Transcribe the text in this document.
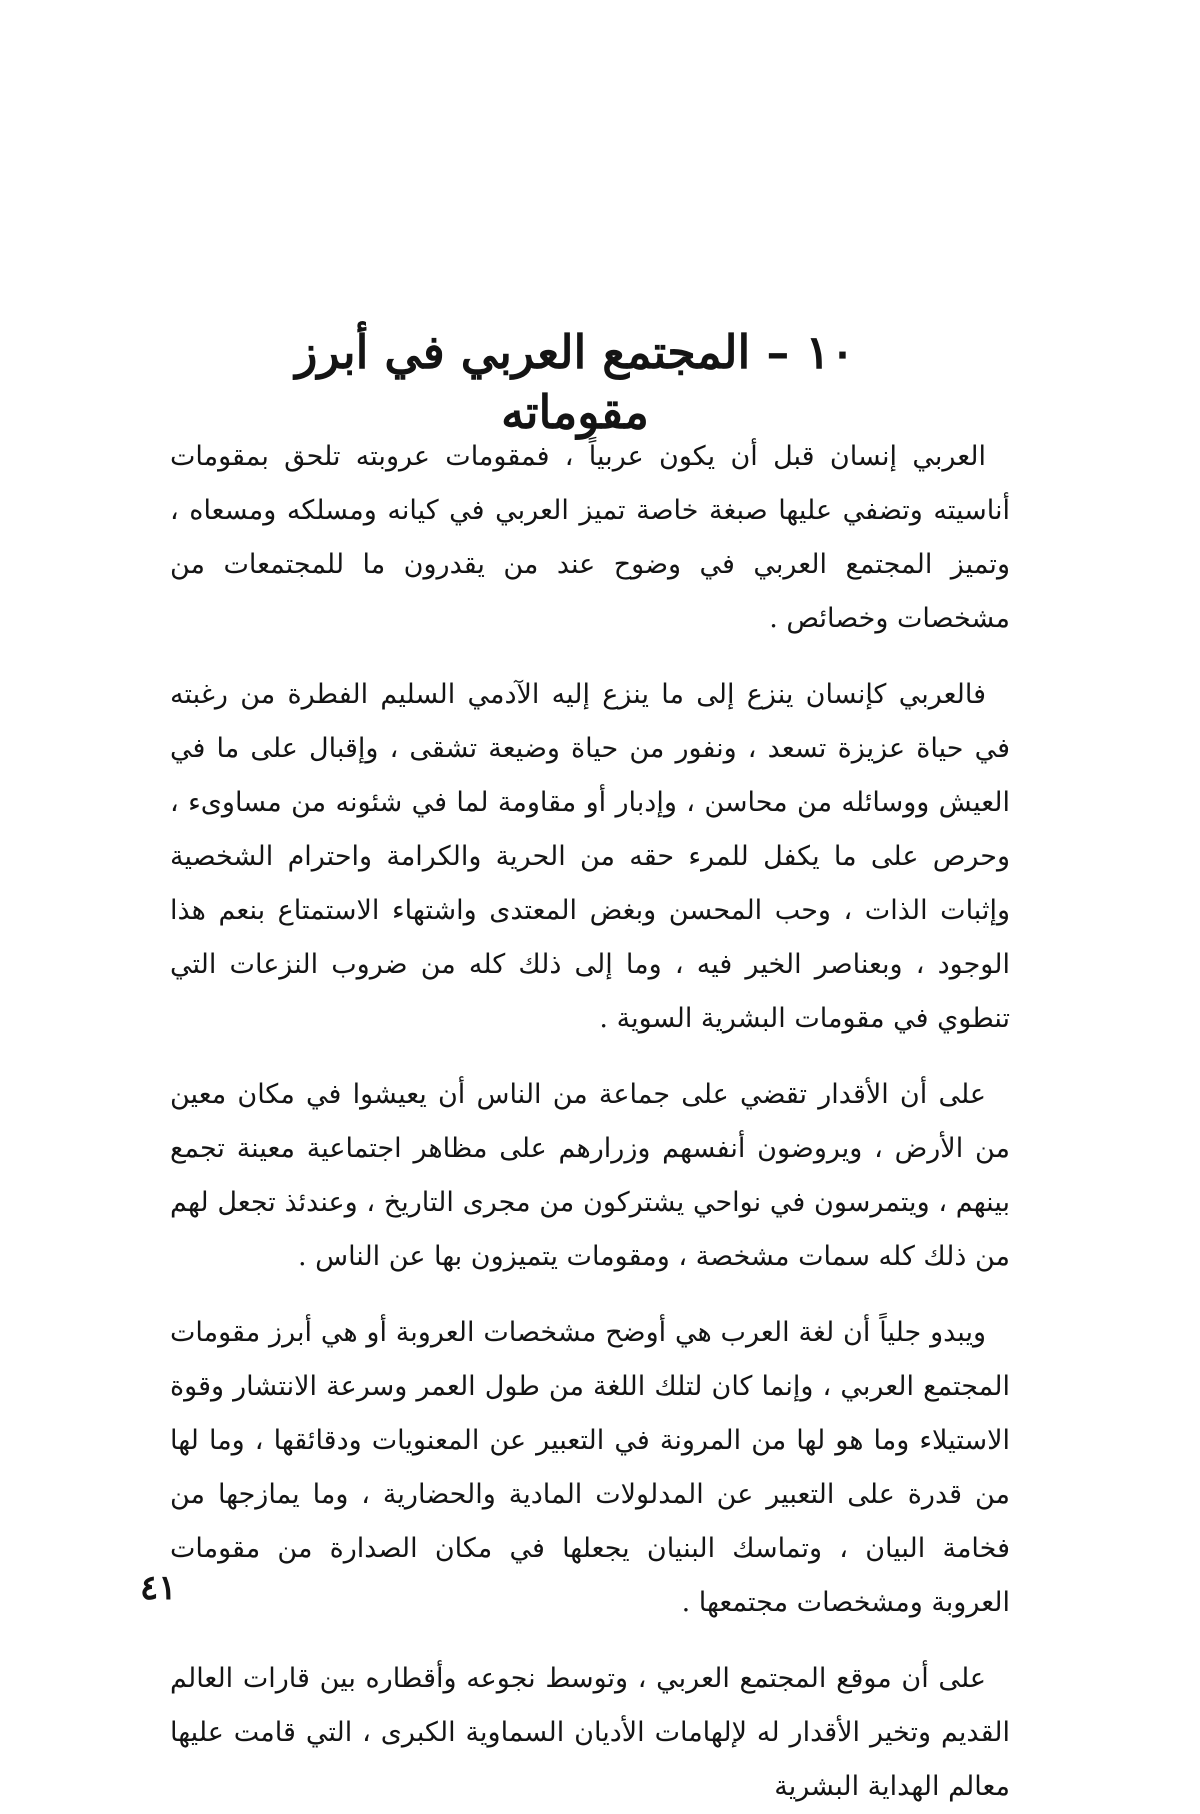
١٠ – المجتمع العربي في أبرز مقوماته

العربي إنسان قبل أن يكون عربياً ، فمقومات عروبته تلحق بمقومات أناسيته وتضفي عليها صبغة خاصة تميز العربي في كيانه ومسلكه ومسعاه ، وتميز المجتمع العربي في وضوح عند من يقدرون ما للمجتمعات من مشخصات وخصائص .

فالعربي كإنسان ينزع إلى ما ينزع إليه الآدمي السليم الفطرة من رغبته في حياة عزيزة تسعد ، ونفور من حياة وضيعة تشقى ، وإقبال على ما في العيش ووسائله من محاسن ، وإدبار أو مقاومة لما في شئونه من مساوىء ، وحرص على ما يكفل للمرء حقه من الحرية والكرامة واحترام الشخصية وإثبات الذات ، وحب المحسن وبغض المعتدى واشتهاء الاستمتاع بنعم هذا الوجود ، وبعناصر الخير فيه ، وما إلى ذلك كله من ضروب النزعات التي تنطوي في مقومات البشرية السوية .

على أن الأقدار تقضي على جماعة من الناس أن يعيشوا في مكان معين من الأرض ، ويروضون أنفسهم وزرارهم على مظاهر اجتماعية معينة تجمع بينهم ، ويتمرسون في نواحي يشتركون من مجرى التاريخ ، وعندئذ تجعل لهم من ذلك كله سمات مشخصة ، ومقومات يتميزون بها عن الناس .

ويبدو جلياً أن لغة العرب هي أوضح مشخصات العروبة أو هي أبرز مقومات المجتمع العربي ، وإنما كان لتلك اللغة من طول العمر وسرعة الانتشار وقوة الاستيلاء وما هو لها من المرونة في التعبير عن المعنويات ودقائقها ، وما لها من قدرة على التعبير عن المدلولات المادية والحضارية ، وما يمازجها من فخامة البيان ، وتماسك البنيان يجعلها في مكان الصدارة من مقومات العروبة ومشخصات مجتمعها .

على أن موقع المجتمع العربي ، وتوسط نجوعه وأقطاره بين قارات العالم القديم وتخير الأقدار له لإلهامات الأديان السماوية الكبرى ، التي قامت عليها معالم الهداية البشرية

٤١
